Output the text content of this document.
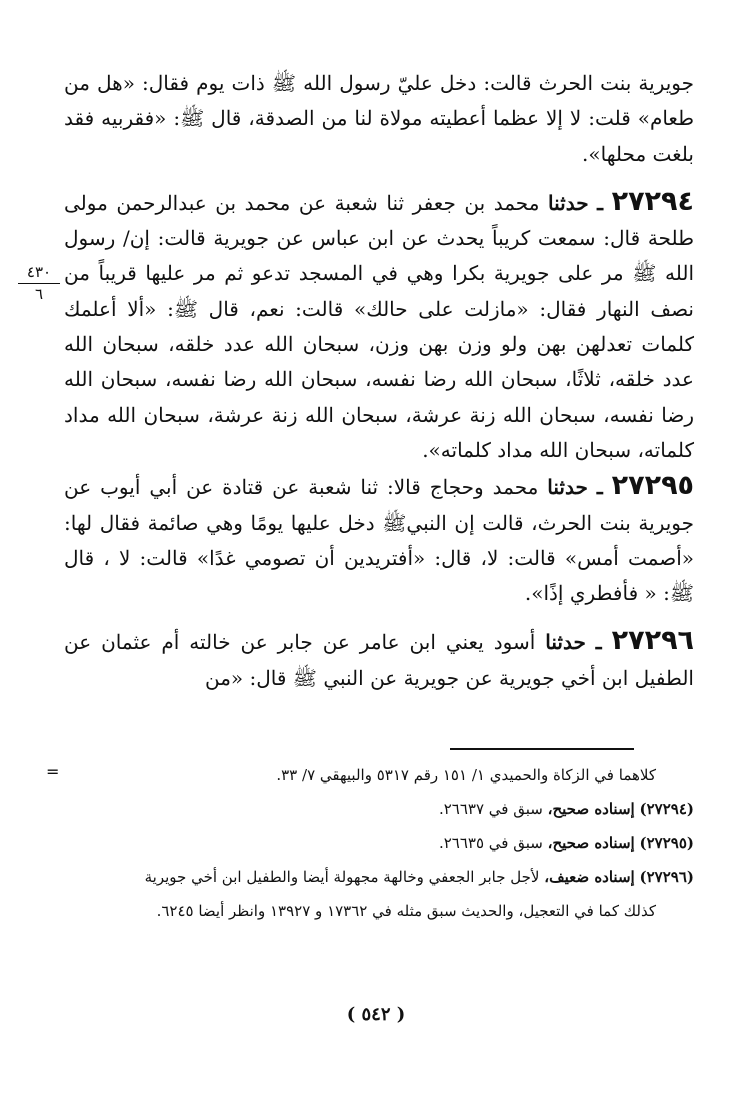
جويرية بنت الحرث قالت: دخل عليّ رسول الله ﷺ ذات يوم فقال: «هل من طعام» قلت: لا إلا عظما أعطيته مولاة لنا من الصدقة، قال ﷺ: «فقربيه فقد بلغت محلها».

٢٧٢٩٤ ـ حدثنا محمد بن جعفر ثنا شعبة عن محمد بن عبدالرحمن مولى طلحة قال: سمعت كريباً يحدث عن ابن عباس عن جويرية قالت: إن/ رسول الله ﷺ مر على جويرية بكرا وهي في المسجد تدعو ثم مر عليها قريباً من نصف النهار فقال: «مازلت على حالك» قالت: نعم، قال ﷺ: «ألا أعلمك كلمات تعدلهن بهن ولو وزن بهن وزن، سبحان الله عدد خلقه، سبحان الله عدد خلقه، ثلاثًا، سبحان الله رضا نفسه، سبحان الله رضا نفسه، سبحان الله رضا نفسه، سبحان الله زنة عرشة، سبحان الله زنة عرشة، سبحان الله مداد كلماته، سبحان الله مداد كلماته».

٢٧٢٩٥ ـ حدثنا محمد وحجاج قالا: ثنا شعبة عن قتادة عن أبي أيوب عن جويرية بنت الحرث، قالت إن النبيﷺ دخل عليها يومًا وهي صائمة فقال لها: «أصمت أمس» قالت: لا، قال: «أفتريدين أن تصومي غدًا» قالت: لا ، قال ﷺ: « فأفطري إذًا».

٢٧٢٩٦ ـ حدثنا أسود يعني ابن عامر عن جابر عن خالته أم عثمان عن الطفيل ابن أخي جويرية عن جويرية عن النبي ﷺ قال: «من

٤٣٠
٦
=	كلاهما في الزكاة والحميدي ١/ ١٥١ رقم ٥٣١٧ والبيهقي ٧/ ٣٣.

(٢٧٢٩٤) إسناده صحيح، سبق في ٢٦٦٣٧.

(٢٧٢٩٥) إسناده صحيح، سبق في ٢٦٦٣٥.

(٢٧٢٩٦) إسناده ضعيف، لأجل جابر الجعفي وخالهة مجهولة أيضا والطفيل ابن أخي جويرية

كذلك كما في التعجيل، والحديث سبق مثله في ١٧٣٦٢ و ١٣٩٢٧ وانظر أيضا ٦٢٤٥.

( ٥٤٢ )
